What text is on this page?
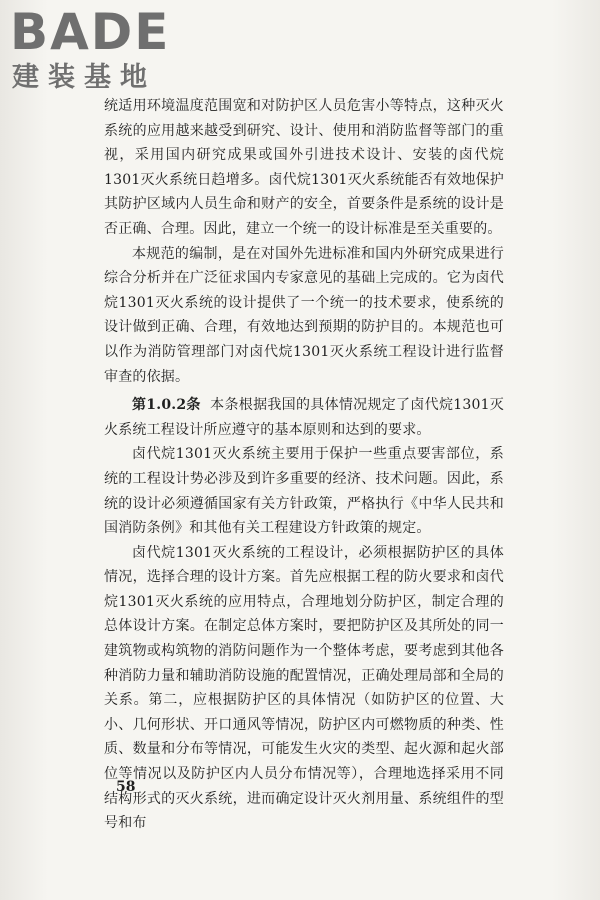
BADE
建装基地

统适用环境温度范围宽和对防护区人员危害小等特点，这种灭火系统的应用越来越受到研究、设计、使用和消防监督等部门的重视，采用国内研究成果或国外引进技术设计、安装的卤代烷1301灭火系统日趋增多。卤代烷1301灭火系统能否有效地保护其防护区域内人员生命和财产的安全，首要条件是系统的设计是否正确、合理。因此，建立一个统一的设计标准是至关重要的。

本规范的编制，是在对国外先进标准和国内外研究成果进行综合分析并在广泛征求国内专家意见的基础上完成的。它为卤代烷1301灭火系统的设计提供了一个统一的技术要求，使系统的设计做到正确、合理，有效地达到预期的防护目的。本规范也可以作为消防管理部门对卤代烷1301灭火系统工程设计进行监督审查的依据。

第1.0.2条 本条根据我国的具体情况规定了卤代烷1301灭火系统工程设计所应遵守的基本原则和达到的要求。

卤代烷1301灭火系统主要用于保护一些重点要害部位，系统的工程设计势必涉及到许多重要的经济、技术问题。因此，系统的设计必须遵循国家有关方针政策，严格执行《中华人民共和国消防条例》和其他有关工程建设方针政策的规定。

卤代烷1301灭火系统的工程设计，必须根据防护区的具体情况，选择合理的设计方案。首先应根据工程的防火要求和卤代烷1301灭火系统的应用特点，合理地划分防护区，制定合理的总体设计方案。在制定总体方案时，要把防护区及其所处的同一建筑物或构筑物的消防问题作为一个整体考虑，要考虑到其他各种消防力量和辅助消防设施的配置情况，正确处理局部和全局的关系。第二，应根据防护区的具体情况（如防护区的位置、大小、几何形状、开口通风等情况，防护区内可燃物质的种类、性质、数量和分布等情况，可能发生火灾的类型、起火源和起火部位等情况以及防护区内人员分布情况等），合理地选择采用不同结构形式的灭火系统，进而确定设计灭火剂用量、系统组件的型号和布

58
